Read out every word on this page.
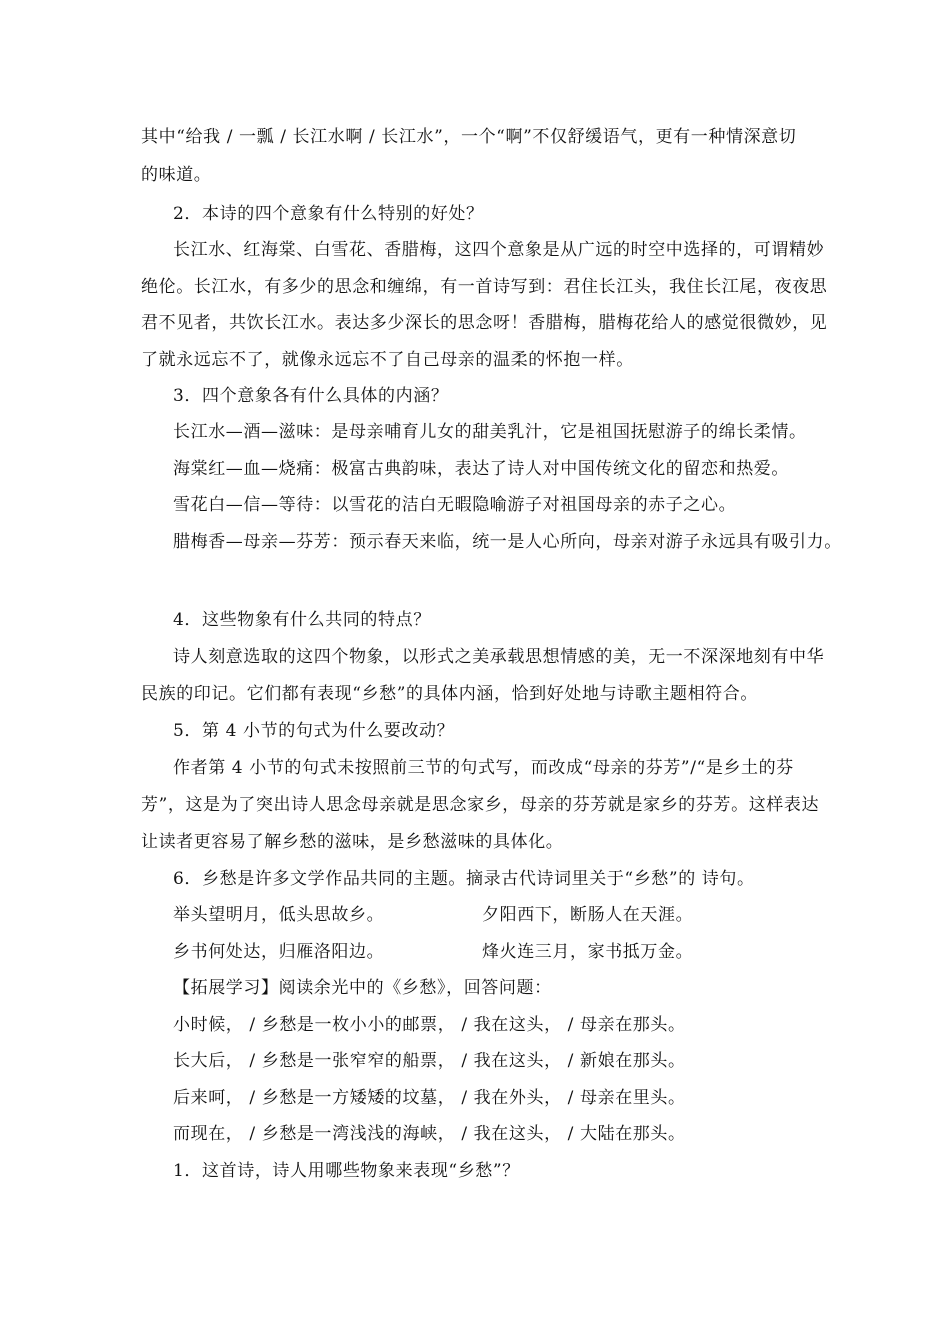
其中“给我 / 一瓢 / 长江水啊 / 长江水”，一个“啊”不仅舒缓语气，更有一种情深意切
的味道。
2．本诗的四个意象有什么特别的好处？
长江水、红海棠、白雪花、香腊梅，这四个意象是从广远的时空中选择的，可谓精妙
绝伦。长江水，有多少的思念和缠绵，有一首诗写到：君住长江头，我住长江尾，夜夜思
君不见者，共饮长江水。表达多少深长的思念呀！香腊梅，腊梅花给人的感觉很微妙，见
了就永远忘不了，就像永远忘不了自己母亲的温柔的怀抱一样。
3．四个意象各有什么具体的内涵？
长江水—酒—滋味：是母亲哺育儿女的甜美乳汁，它是祖国抚慰游子的绵长柔情。
海棠红—血—烧痛：极富古典韵味，表达了诗人对中国传统文化的留恋和热爱。
雪花白—信—等待：以雪花的洁白无暇隐喻游子对祖国母亲的赤子之心。
腊梅香—母亲—芬芳：预示春天来临，统一是人心所向，母亲对游子永远具有吸引力。
4．这些物象有什么共同的特点？
诗人刻意选取的这四个物象，以形式之美承载思想情感的美，无一不深深地刻有中华
民族的印记。它们都有表现“乡愁”的具体内涵，恰到好处地与诗歌主题相符合。
5．第 4 小节的句式为什么要改动？
作者第 4 小节的句式未按照前三节的句式写，而改成“母亲的芬芳”/“是乡土的芬
芳”，这是为了突出诗人思念母亲就是思念家乡，母亲的芬芳就是家乡的芬芳。这样表达
让读者更容易了解乡愁的滋味，是乡愁滋味的具体化。
6．乡愁是许多文学作品共同的主题。摘录古代诗词里关于“乡愁”的 诗句。
举头望明月，低头思故乡。	夕阳西下，断肠人在天涯。
乡书何处达，归雁洛阳边。	烽火连三月，家书抵万金。
【拓展学习】阅读余光中的《乡愁》，回答问题：
小时候， / 乡愁是一枚小小的邮票， / 我在这头， / 母亲在那头。
长大后， / 乡愁是一张窄窄的船票， / 我在这头， / 新娘在那头。
后来呵， / 乡愁是一方矮矮的坟墓， / 我在外头， / 母亲在里头。
而现在， / 乡愁是一湾浅浅的海峡， / 我在这头， / 大陆在那头。
1．这首诗，诗人用哪些物象来表现“乡愁”？
